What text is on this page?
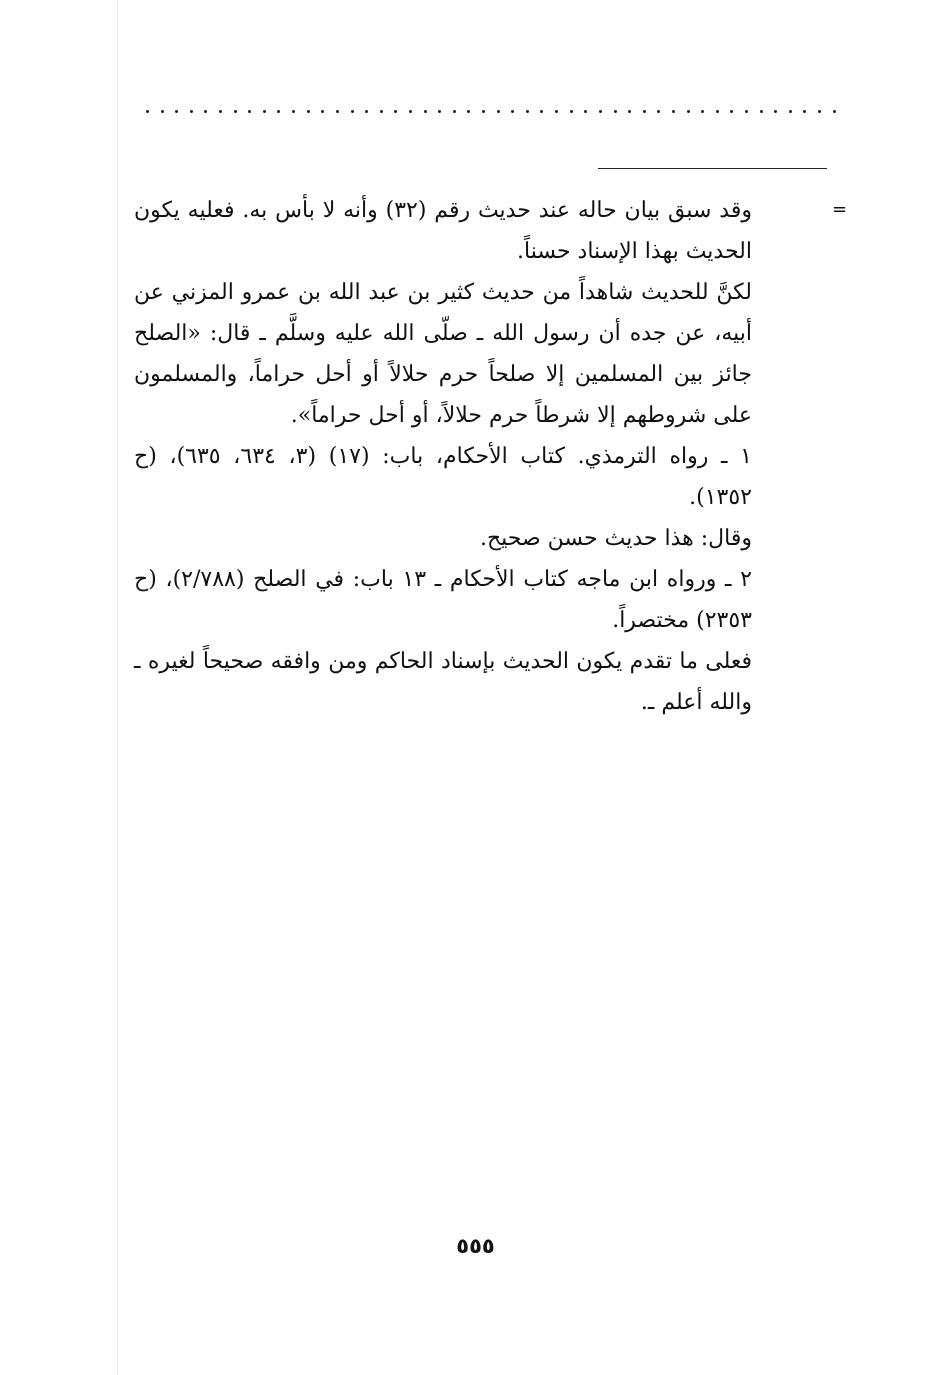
=

وقد سبق بيان حاله عند حديث رقم (٣٢) وأنه لا بأس به. فعليه يكون الحديث بهذا الإسناد حسناً.

لكنَّ للحديث شاهداً من حديث كثير بن عبد الله بن عمرو المزني عن أبيه، عن جده أن رسول الله ـ صلّى الله عليه وسلَّم ـ قال: «الصلح جائز بين المسلمين إلا صلحاً حرم حلالاً أو أحل حراماً، والمسلمون على شروطهم إلا شرطاً حرم حلالاً، أو أحل حراماً».

١ ـ رواه الترمذي. كتاب الأحكام، باب: (١٧) (٣، ٦٣٤، ٦٣٥)، (ح ١٣٥٢).

وقال: هذا حديث حسن صحيح.

٢ ـ ورواه ابن ماجه كتاب الأحكام ـ ١٣ باب: في الصلح (٢/٧٨٨)، (ح ٢٣٥٣) مختصراً.

فعلى ما تقدم يكون الحديث بإسناد الحاكم ومن وافقه صحيحاً لغيره ـ والله أعلم ـ.

٥٥٥
